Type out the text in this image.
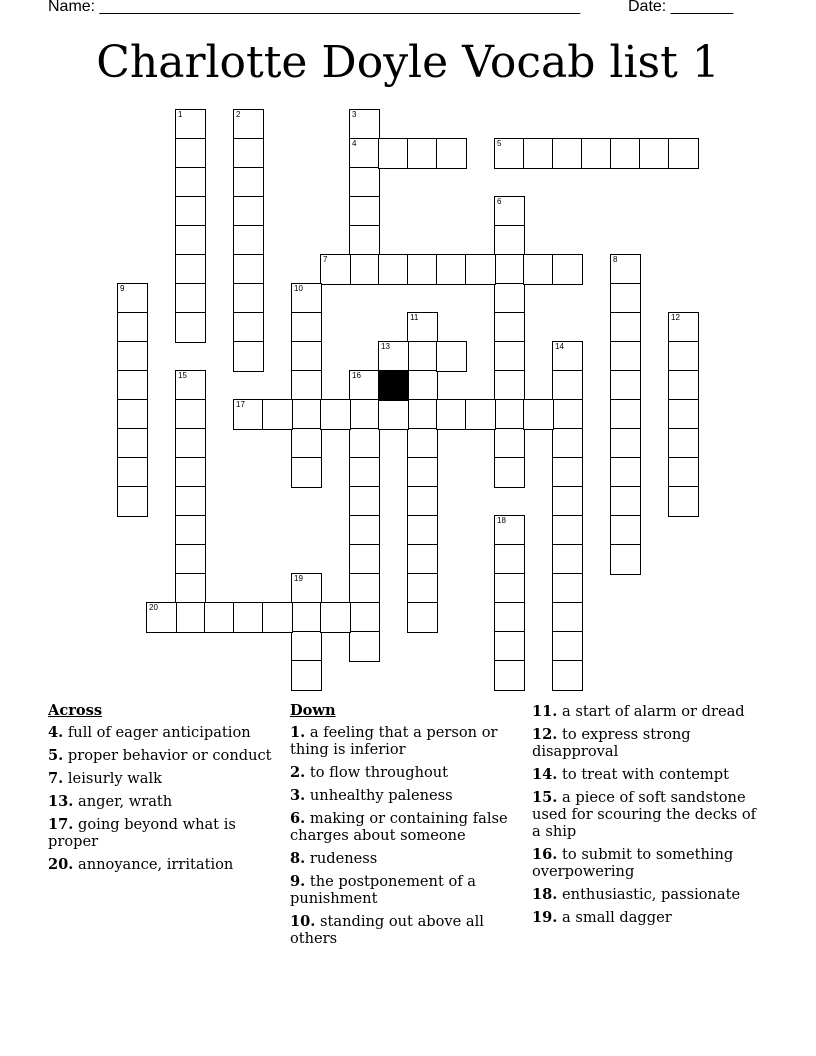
Name: ______________________________________________________	Date: _______
Charlotte Doyle Vocab list 1
1	2	3
4	5
6
7	8
9	10
11	12
13	14
15	16
17
18
19
20
Across
4. full of eager anticipation
5. proper behavior or conduct
7. leisurly walk
13. anger, wrath
17. going beyond what is proper
20. annoyance, irritation
Down
1. a feeling that a person or thing is inferior
2. to flow throughout
3. unhealthy paleness
6. making or containing false charges about someone
8. rudeness
9. the postponement of a punishment
10. standing out above all others
11. a start of alarm or dread
12. to express strong disapproval
14. to treat with contempt
15. a piece of soft sandstone used for scouring the decks of a ship
16. to submit to something overpowering
18. enthusiastic, passionate
19. a small dagger
